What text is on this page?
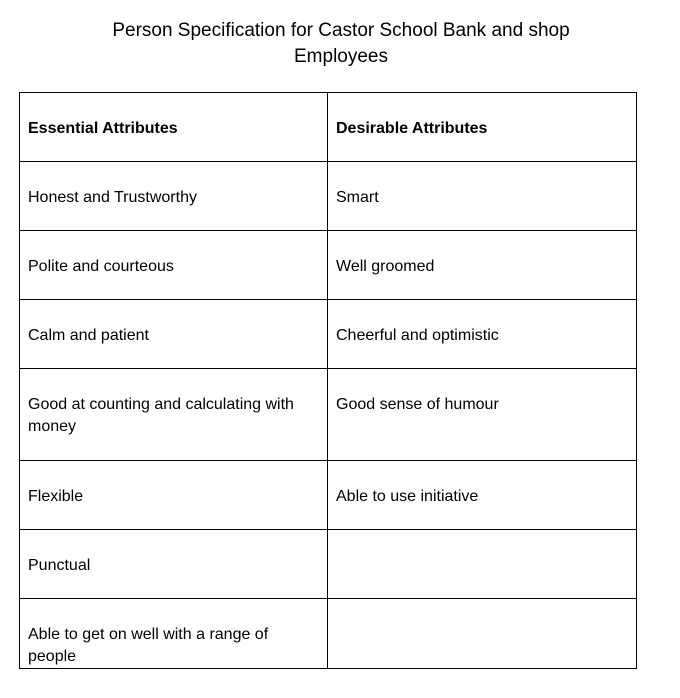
Person Specification for Castor School Bank and shop
Employees
Essential Attributes	Desirable Attributes
Honest and Trustworthy	Smart
Polite and courteous	Well groomed
Calm and patient	Cheerful and optimistic
Good at counting and calculating with money	Good sense of humour
Flexible	Able to use initiative
Punctual	
Able to get on well with a range of people	
